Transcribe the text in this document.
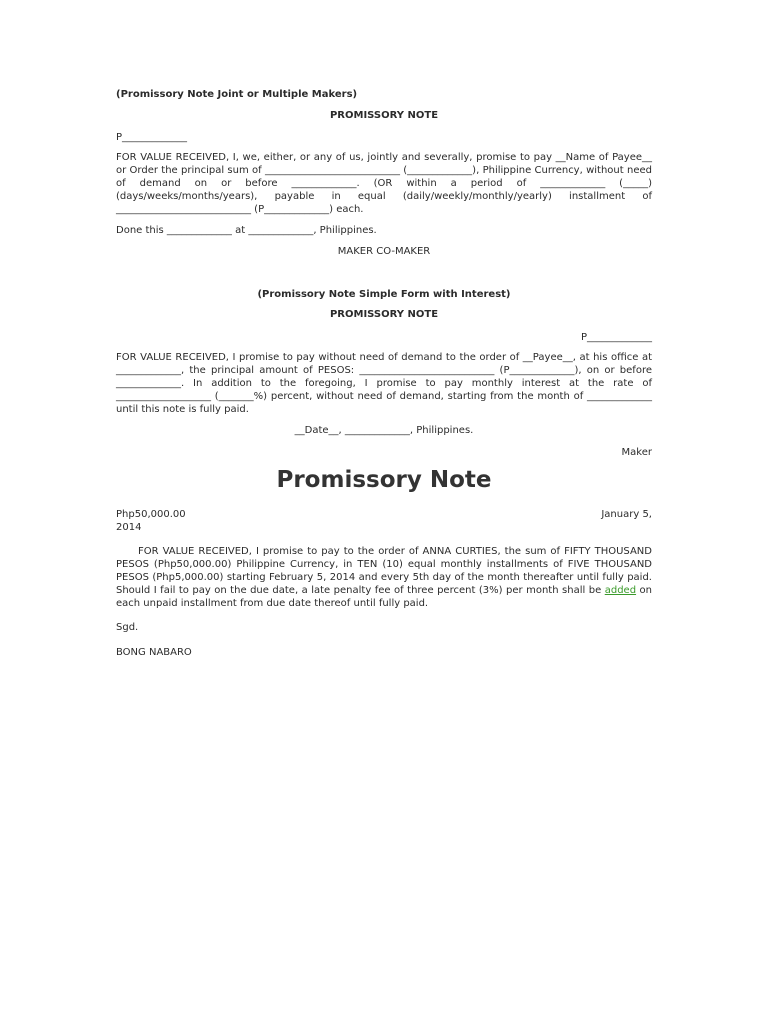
(Promissory Note Joint or Multiple Makers)
PROMISSORY NOTE
P_____________

FOR VALUE RECEIVED, I, we, either, or any of us, jointly and severally, promise to pay __Name of Payee__ or Order the principal sum of ___________________________ (_____________), Philippine Currency, without need of demand on or before _____________. (OR within a period of _____________ (_____) (days/weeks/months/years), payable in equal (daily/weekly/monthly/yearly) installment of ___________________________ (P_____________) each.

Done this _____________ at _____________, Philippines.
MAKER CO-MAKER
(Promissory Note Simple Form with Interest)
PROMISSORY NOTE
P_____________

FOR VALUE RECEIVED, I promise to pay without need of demand to the order of __Payee__, at his office at _____________, the principal amount of PESOS: ___________________________ (P_____________), on or before _____________. In addition to the foregoing, I promise to pay monthly interest at the rate of ___________________ (_______%) percent, without need of demand, starting from the month of _____________ until this note is fully paid.

__Date__, _____________, Philippines.
Maker
Promissory Note
Php50,000.00	January 5,
2014

FOR VALUE RECEIVED, I promise to pay to the order of ANNA CURTIES, the sum of FIFTY THOUSAND PESOS (Php50,000.00) Philippine Currency, in TEN (10) equal monthly installments of FIVE THOUSAND PESOS (Php5,000.00) starting February 5, 2014 and every 5th day of the month thereafter until fully paid. Should I fail to pay on the due date, a late penalty fee of three percent (3%) per month shall be added on each unpaid installment from due date thereof until fully paid.

Sgd.
BONG NABARO
